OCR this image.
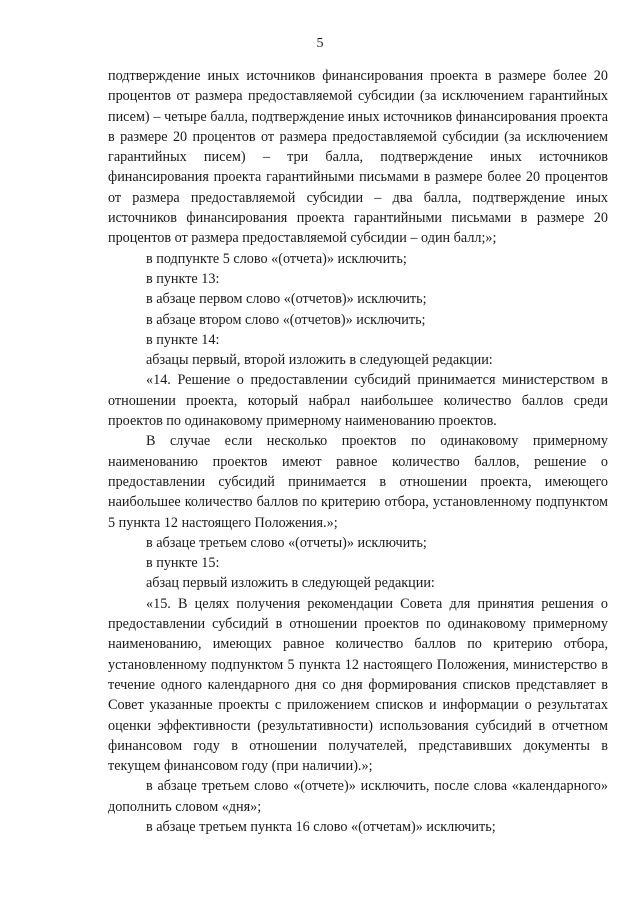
5

подтверждение иных источников финансирования проекта в размере более 20 процентов от размера предоставляемой субсидии (за исключением гарантийных писем) – четыре балла, подтверждение иных источников финансирования проекта в размере 20 процентов от размера предоставляемой субсидии (за исключением гарантийных писем) – три балла, подтверждение иных источников финансирования проекта гарантийными письмами в размере более 20 процентов от размера предоставляемой субсидии – два балла, подтверждение иных источников финансирования проекта гарантийными письмами в размере 20 процентов от размера предоставляемой субсидии – один балл;»;

в подпункте 5 слово «(отчета)» исключить;

в пункте 13:

в абзаце первом слово «(отчетов)» исключить;

в абзаце втором слово «(отчетов)» исключить;

в пункте 14:

абзацы первый, второй изложить в следующей редакции:

«14. Решение о предоставлении субсидий принимается министерством в отношении проекта, который набрал наибольшее количество баллов среди проектов по одинаковому примерному наименованию проектов.

В случае если несколько проектов по одинаковому примерному наименованию проектов имеют равное количество баллов, решение о предоставлении субсидий принимается в отношении проекта, имеющего наибольшее количество баллов по критерию отбора, установленному подпунктом 5 пункта 12 настоящего Положения.»;

в абзаце третьем слово «(отчеты)» исключить;

в пункте 15:

абзац первый изложить в следующей редакции:

«15. В целях получения рекомендации Совета для принятия решения о предоставлении субсидий в отношении проектов по одинаковому примерному наименованию, имеющих равное количество баллов по критерию отбора, установленному подпунктом 5 пункта 12 настоящего Положения, министерство в течение одного календарного дня со дня формирования списков представляет в Совет указанные проекты с приложением списков и информации о результатах оценки эффективности (результативности) использования субсидий в отчетном финансовом году в отношении получателей, представивших документы в текущем финансовом году (при наличии).»;

в абзаце третьем слово «(отчете)» исключить, после слова «календарного» дополнить словом «дня»;

в абзаце третьем пункта 16 слово «(отчетам)» исключить;
